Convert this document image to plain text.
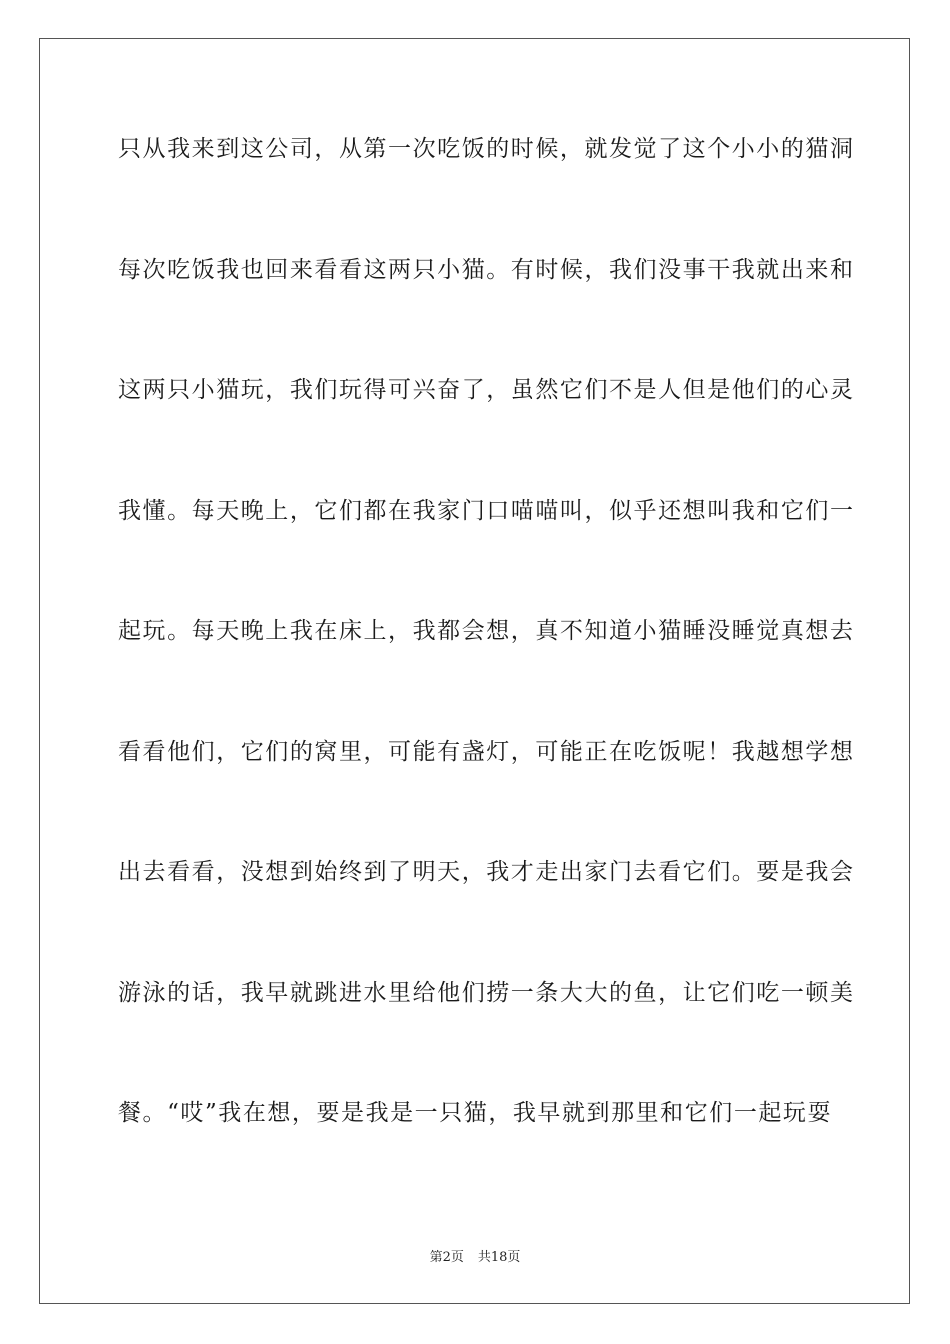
只从我来到这公司，从第一次吃饭的时候，就发觉了这个小小的猫洞
每次吃饭我也回来看看这两只小猫。有时候，我们没事干我就出来和
这两只小猫玩，我们玩得可兴奋了，虽然它们不是人但是他们的心灵
我懂。每天晚上，它们都在我家门口喵喵叫，似乎还想叫我和它们一
起玩。每天晚上我在床上，我都会想，真不知道小猫睡没睡觉真想去
看看他们，它们的窝里，可能有盏灯，可能正在吃饭呢！我越想学想
出去看看，没想到始终到了明天，我才走出家门去看它们。要是我会
游泳的话，我早就跳进水里给他们捞一条大大的鱼，让它们吃一顿美
餐。“哎”我在想，要是我是一只猫，我早就到那里和它们一起玩耍
第2页 共18页
